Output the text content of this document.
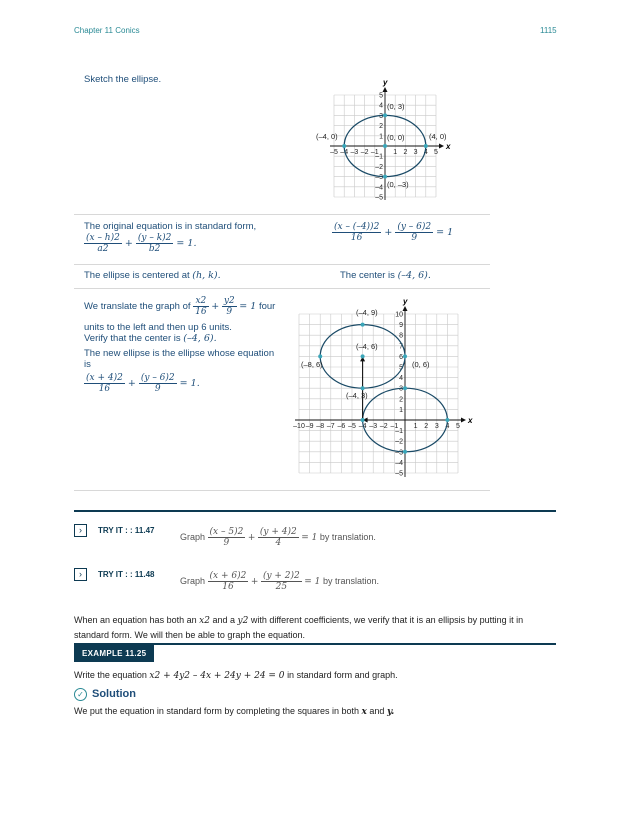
Chapter 11 Conics	1115
Sketch the ellipse.
–5 –4 –3 –2 –1 1 2 3 4 5
5
4
3
2
1
–1
–2
–3
–4
–5
x
y
(0, 3)
(–4, 0)	(0, 0)	(4, 0)
(0, –3)
The original equation is in standard form,
$\frac{(x - h)2}{a2} + \frac{(y - k)2}{b2} = 1$.
$\frac{(x - (-4))2}{16} + \frac{(y - 6)2}{9} = 1$
The ellipse is centered at (h, k).	The center is (–4, 6).
We translate the graph of $\frac{x2}{16} + \frac{y2}{9} = 1$ four
units to the left and then up 6 units.
Verify that the center is (–4, 6).
The new ellipse is the ellipse whose equation
is
$\frac{(x + 4)2}{16} + \frac{(y - 6)2}{9} = 1$.
–10 –9 –8 –7 –6 –5 –4 –3 –2 –1 1 2 3 4 5
10
9
8
7
6
5
4
3
2
1
–1
–2
–3
–4
–5
x
y
(–4, 9)
(–4, 6)
(–8, 6)	(0, 6)
(–4, 3)
›	TRY IT : : 11.47
Graph $\frac{(x - 5)2}{9} + \frac{(y + 4)2}{4} = 1$ by translation.
›	TRY IT : : 11.48
Graph $\frac{(x + 6)2}{16} + \frac{(y + 2)2}{25} = 1$ by translation.
When an equation has both an x2 and a y2 with different coefficients, we verify that it is an ellipsis by putting it in
standard form. We will then be able to graph the equation.
EXAMPLE 11.25
Write the equation x2 + 4y2 – 4x + 24y + 24 = 0 in standard form and graph.
✓ Solution
We put the equation in standard form by completing the squares in both x and y.
